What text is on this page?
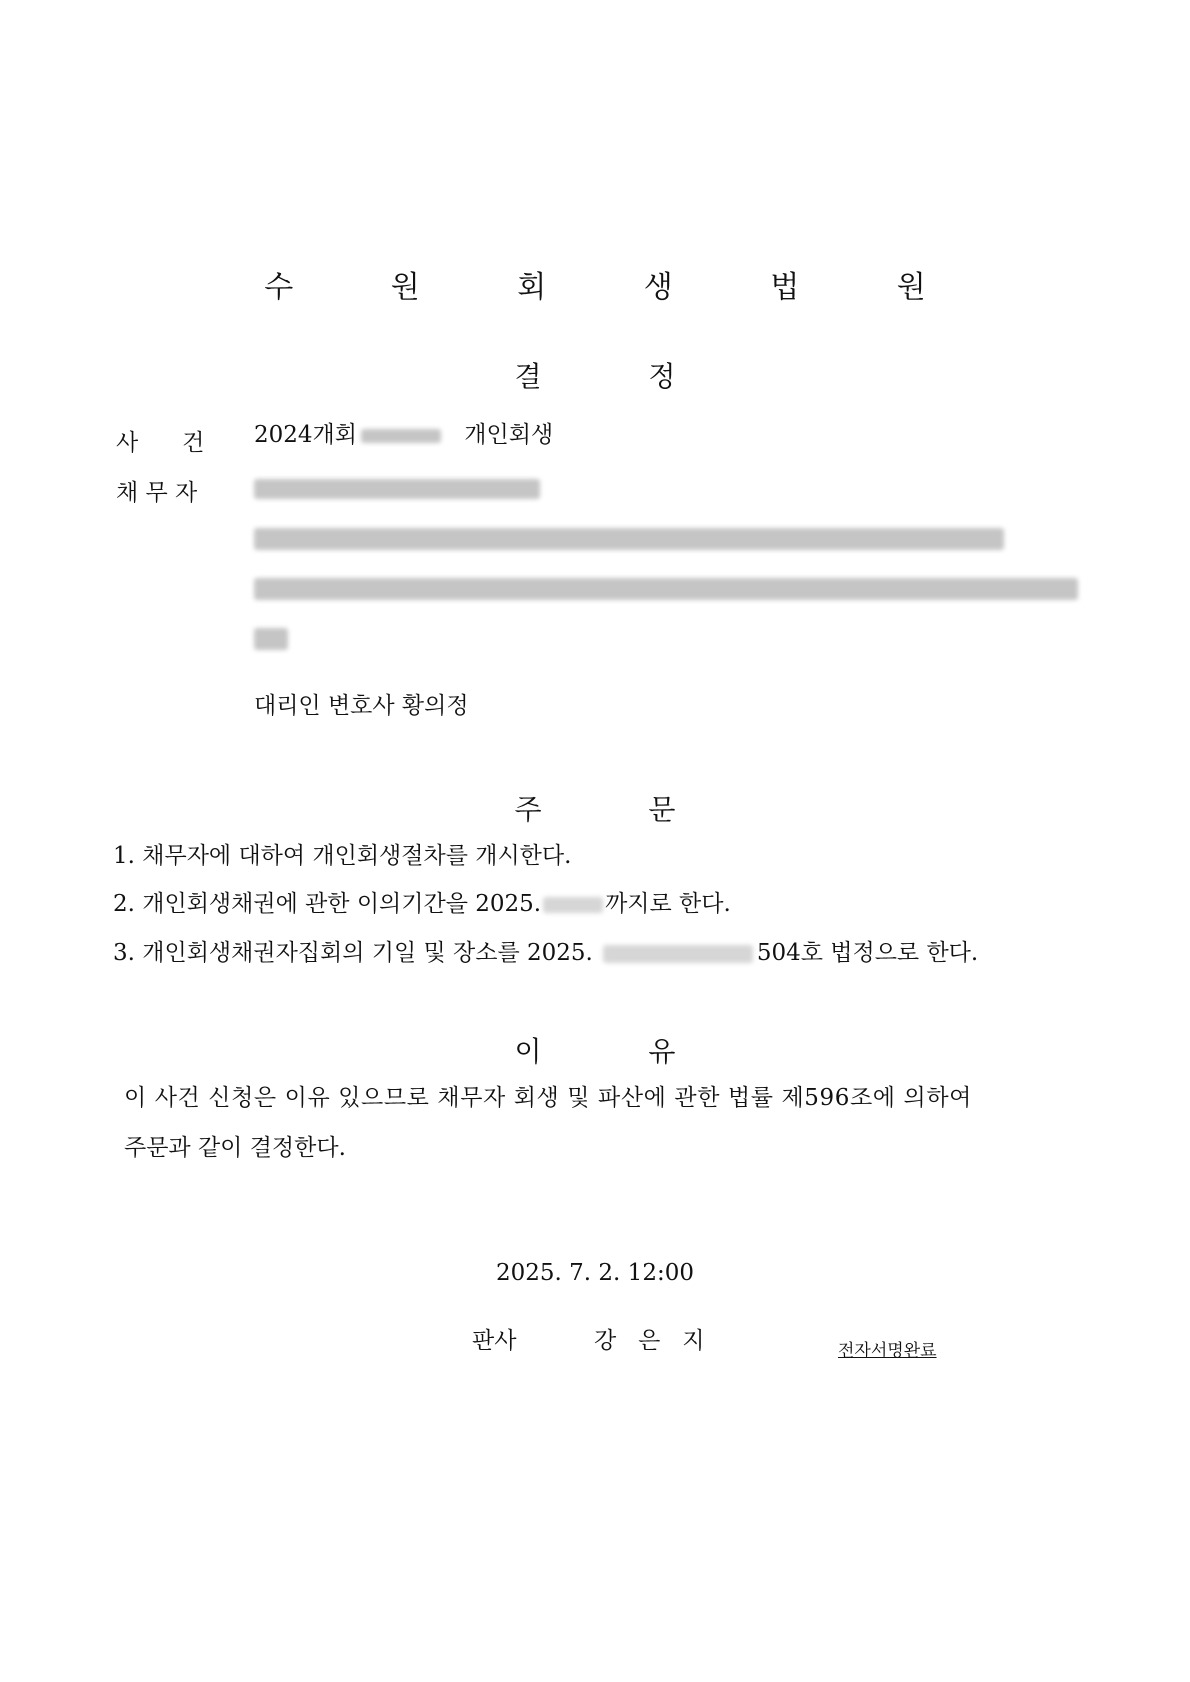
수 원 회 생 법 원
결            정
사      건 2024개회	개인회생
채 무 자
대리인 변호사 황의정
주            문
1. 채무자에 대하여 개인회생절차를 개시한다.
2. 개인회생채권에 관한 이의기간을 2025.	까지로 한다.
3. 개인회생채권자집회의 기일 및 장소를 2025.	504호 법정으로 한다.
이            유
이 사건 신청은 이유 있으므로 채무자 회생 및 파산에 관한 법률 제596조에 의하여
주문과 같이 결정한다.
2025. 7. 2. 12:00
판사	강   은   지	전자서명완료
